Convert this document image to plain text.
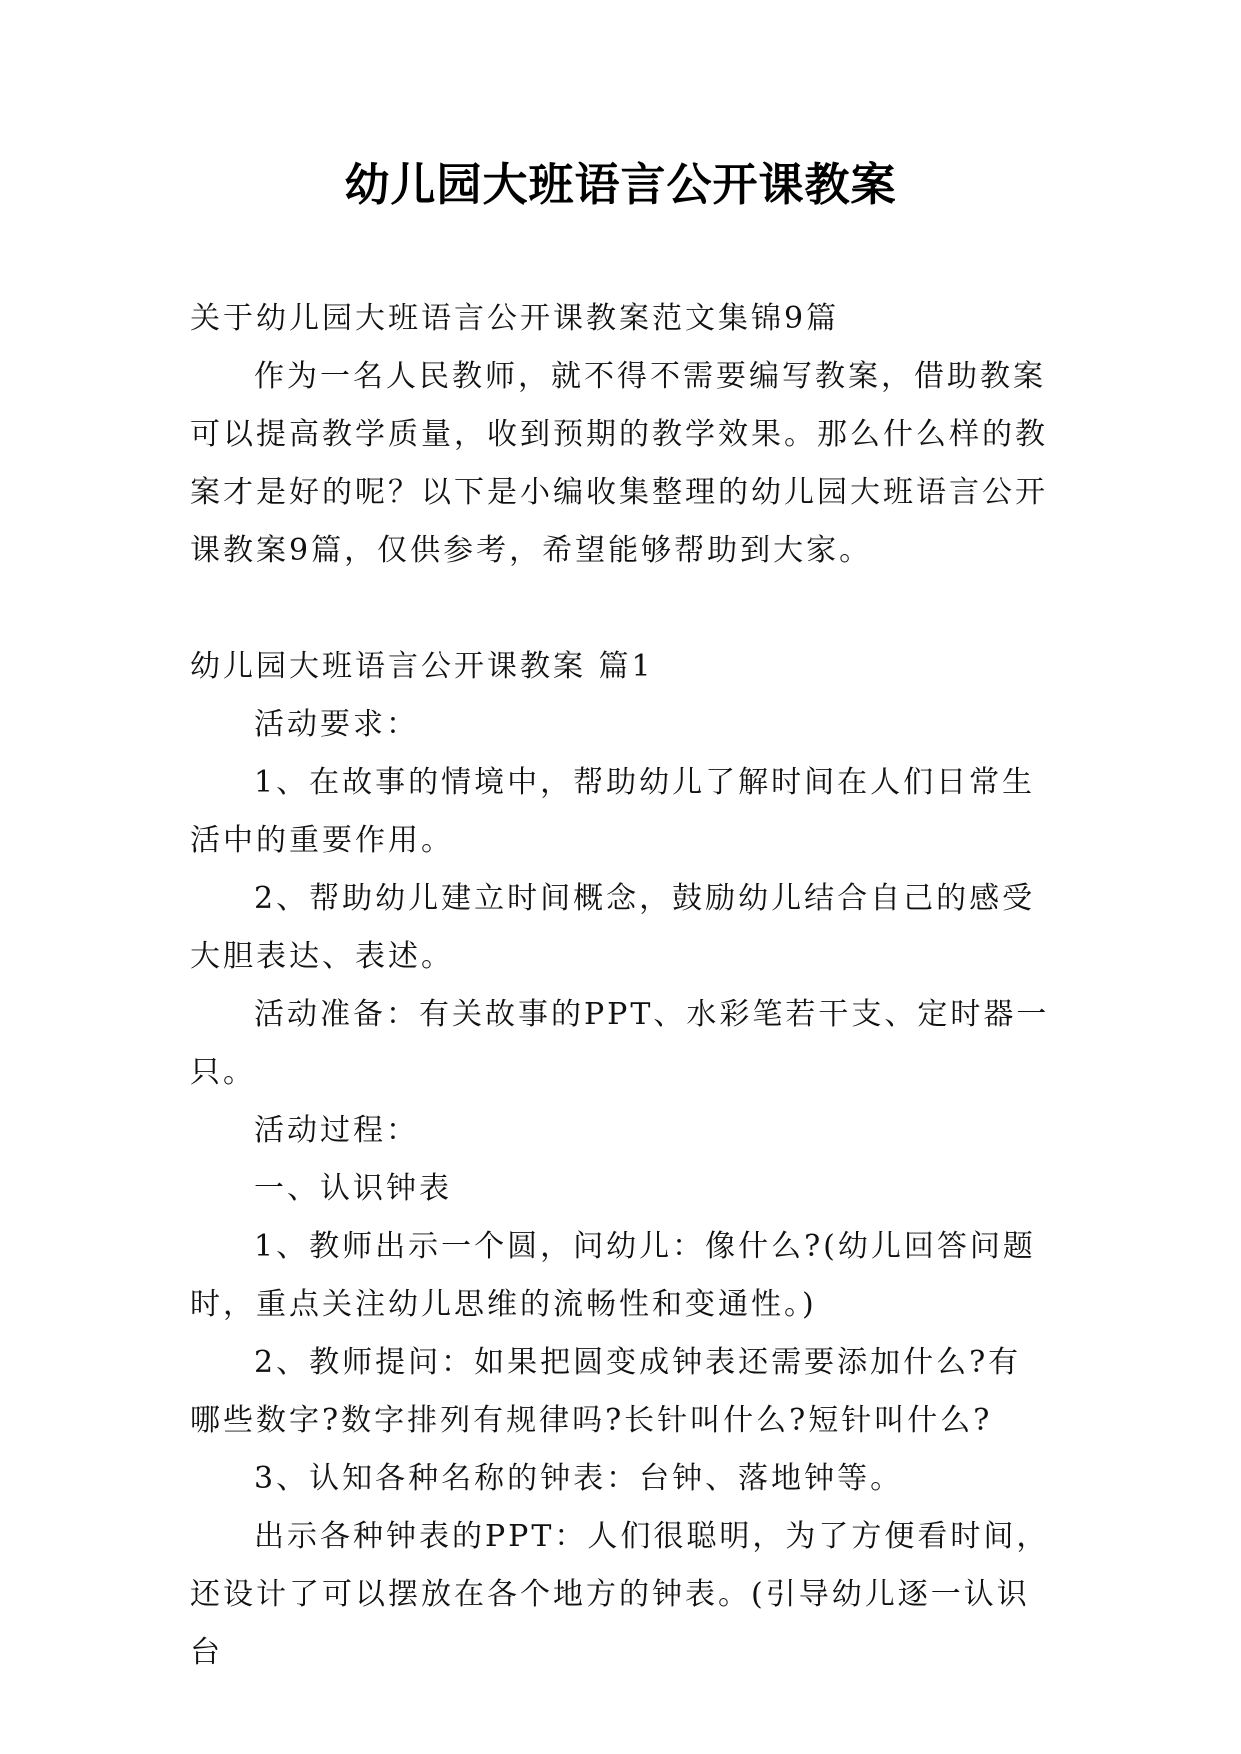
幼儿园大班语言公开课教案

关于幼儿园大班语言公开课教案范文集锦9篇

作为一名人民教师，就不得不需要编写教案，借助教案可以提高教学质量，收到预期的教学效果。那么什么样的教案才是好的呢？以下是小编收集整理的幼儿园大班语言公开课教案9篇，仅供参考，希望能够帮助到大家。

幼儿园大班语言公开课教案 篇1

活动要求：

1、在故事的情境中，帮助幼儿了解时间在人们日常生活中的重要作用。

2、帮助幼儿建立时间概念，鼓励幼儿结合自己的感受大胆表达、表述。

活动准备：有关故事的PPT、水彩笔若干支、定时器一只。

活动过程：

一、认识钟表

1、教师出示一个圆，问幼儿：像什么?(幼儿回答问题时，重点关注幼儿思维的流畅性和变通性。)

2、教师提问：如果把圆变成钟表还需要添加什么?有哪些数字?数字排列有规律吗?长针叫什么?短针叫什么?

3、认知各种名称的钟表：台钟、落地钟等。

出示各种钟表的PPT：人们很聪明，为了方便看时间，还设计了可以摆放在各个地方的钟表。(引导幼儿逐一认识台
